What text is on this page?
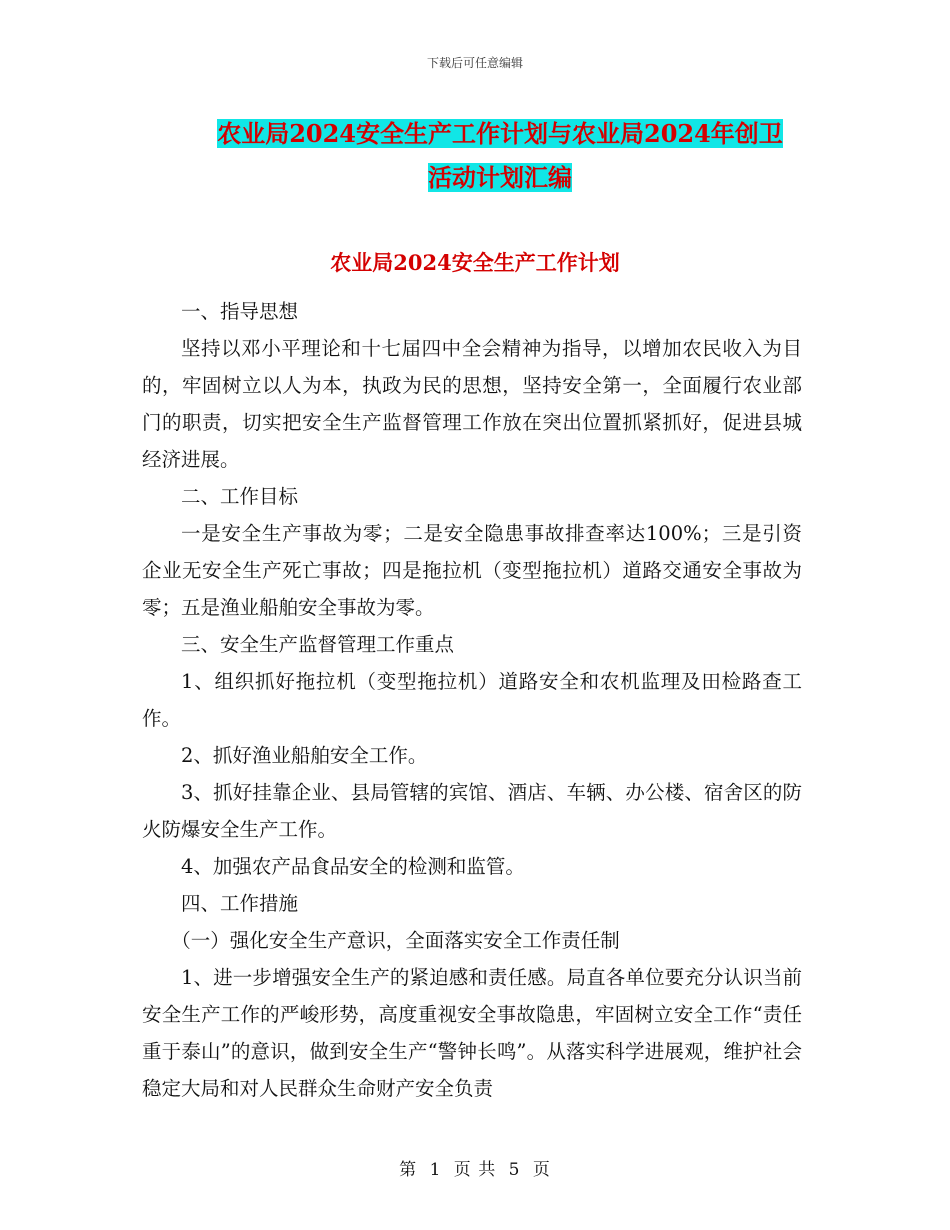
下载后可任意编辑
农业局2024安全生产工作计划与农业局2024年创卫
活动计划汇编
农业局2024安全生产工作计划

一、指导思想

坚持以邓小平理论和十七届四中全会精神为指导，以增加农民收入为目的，牢固树立以人为本，执政为民的思想，坚持安全第一，全面履行农业部门的职责，切实把安全生产监督管理工作放在突出位置抓紧抓好，促进县城经济进展。

二、工作目标

一是安全生产事故为零；二是安全隐患事故排查率达100%；三是引资企业无安全生产死亡事故；四是拖拉机（变型拖拉机）道路交通安全事故为零；五是渔业船舶安全事故为零。

三、安全生产监督管理工作重点

1、组织抓好拖拉机（变型拖拉机）道路安全和农机监理及田检路查工作。

2、抓好渔业船舶安全工作。

3、抓好挂靠企业、县局管辖的宾馆、酒店、车辆、办公楼、宿舍区的防火防爆安全生产工作。

4、加强农产品食品安全的检测和监管。

四、工作措施

（一）强化安全生产意识，全面落实安全工作责任制

1、进一步增强安全生产的紧迫感和责任感。局直各单位要充分认识当前安全生产工作的严峻形势，高度重视安全事故隐患，牢固树立安全工作“责任重于泰山”的意识，做到安全生产“警钟长鸣”。从落实科学进展观，维护社会稳定大局和对人民群众生命财产安全负责

第 1 页 共 5 页
